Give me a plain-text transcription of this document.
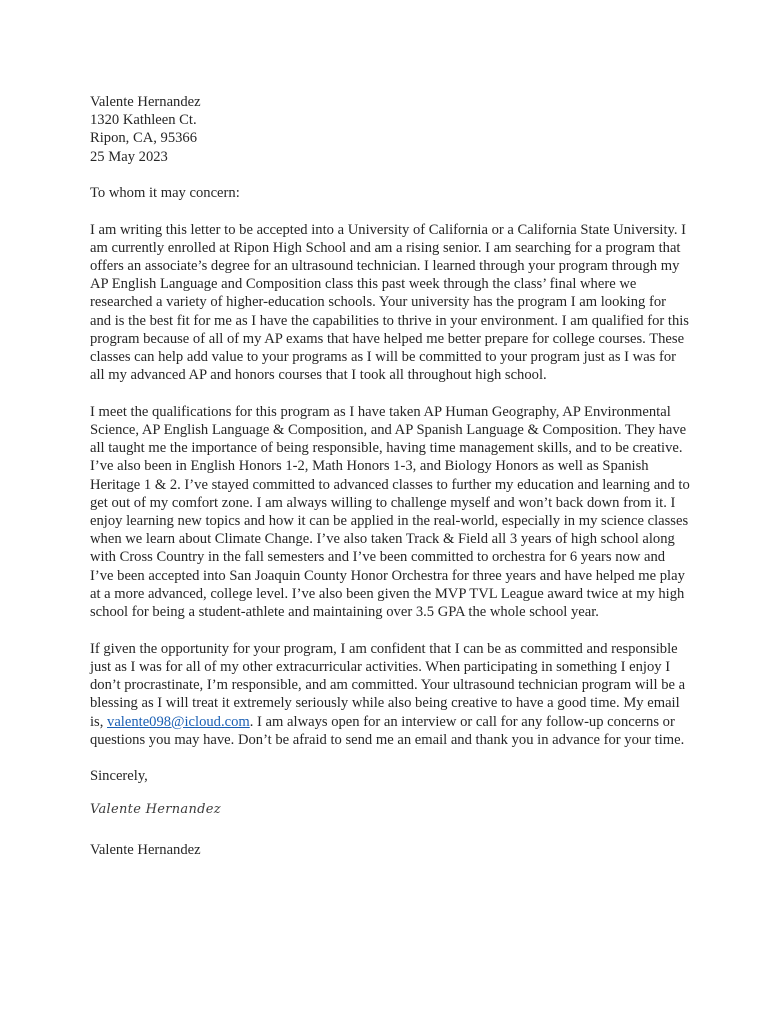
Valente Hernandez
1320 Kathleen Ct.
Ripon, CA, 95366
25 May 2023

To whom it may concern:

I am writing this letter to be accepted into a University of California or a California State University. I am currently enrolled at Ripon High School and am a rising senior. I am searching for a program that offers an associate’s degree for an ultrasound technician. I learned through your program through my AP English Language and Composition class this past week through the class’ final where we researched a variety of higher-education schools. Your university has the program I am looking for and is the best fit for me as I have the capabilities to thrive in your environment. I am qualified for this program because of all of my AP exams that have helped me better prepare for college courses. These classes can help add value to your programs as I will be committed to your program just as I was for all my advanced AP and honors courses that I took all throughout high school.

I meet the qualifications for this program as I have taken AP Human Geography, AP Environmental Science, AP English Language & Composition, and AP Spanish Language & Composition. They have all taught me the importance of being responsible, having time management skills, and to be creative. I’ve also been in English Honors 1-2, Math Honors 1-3, and Biology Honors as well as Spanish Heritage 1 & 2. I’ve stayed committed to advanced classes to further my education and learning and to get out of my comfort zone. I am always willing to challenge myself and won’t back down from it. I enjoy learning new topics and how it can be applied in the real-world, especially in my science classes when we learn about Climate Change. I’ve also taken Track & Field all 3 years of high school along with Cross Country in the fall semesters and I’ve been committed to orchestra for 6 years now and I’ve been accepted into San Joaquin County Honor Orchestra for three years and have helped me play at a more advanced, college level. I’ve also been given the MVP TVL League award twice at my high school for being a student-athlete and maintaining over 3.5 GPA the whole school year.

If given the opportunity for your program, I am confident that I can be as committed and responsible just as I was for all of my other extracurricular activities. When participating in something I enjoy I don’t procrastinate, I’m responsible, and am committed. Your ultrasound technician program will be a blessing as I will treat it extremely seriously while also being creative to have a good time. My email is, valente098@icloud.com. I am always open for an interview or call for any follow-up concerns or questions you may have. Don’t be afraid to send me an email and thank you in advance for your time.

Sincerely,

Valente Hernandez

Valente Hernandez
